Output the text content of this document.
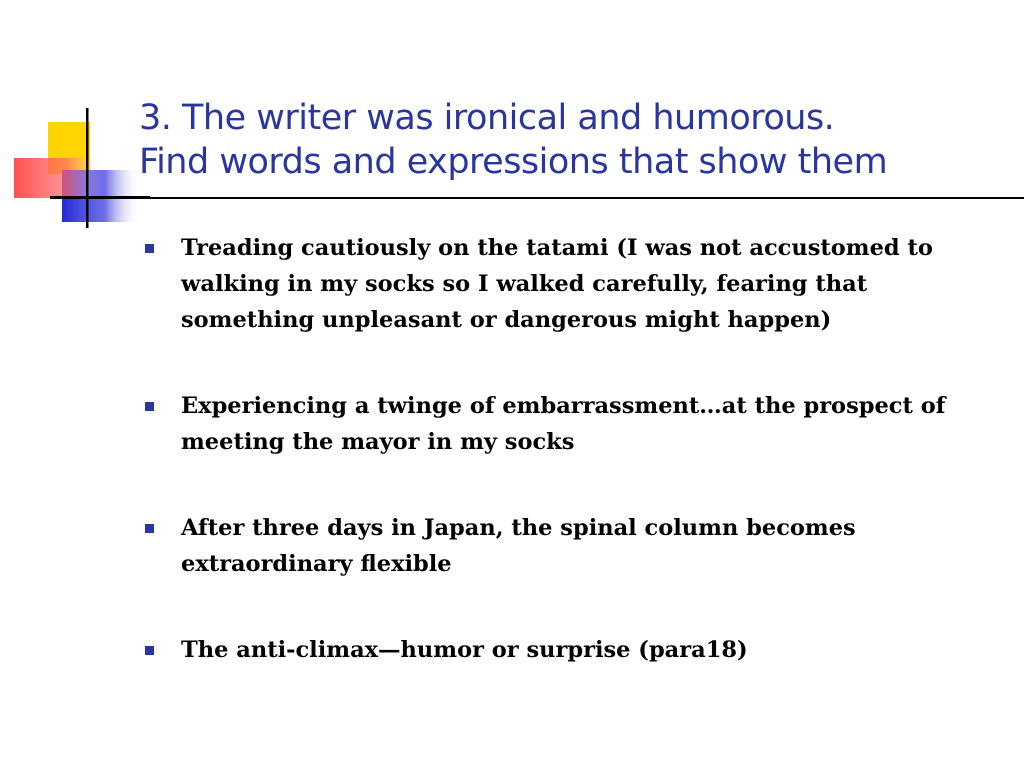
3. The writer was ironical and humorous.
Find words and expressions that show them
Treading cautiously on the tatami (I was not accustomed to walking in my socks so I walked carefully, fearing that something unpleasant or dangerous might happen)
Experiencing a twinge of embarrassment…at the prospect of meeting the mayor in my socks
After three days in Japan, the spinal column becomes extraordinary flexible
The anti-climax—humor or surprise (para18)
